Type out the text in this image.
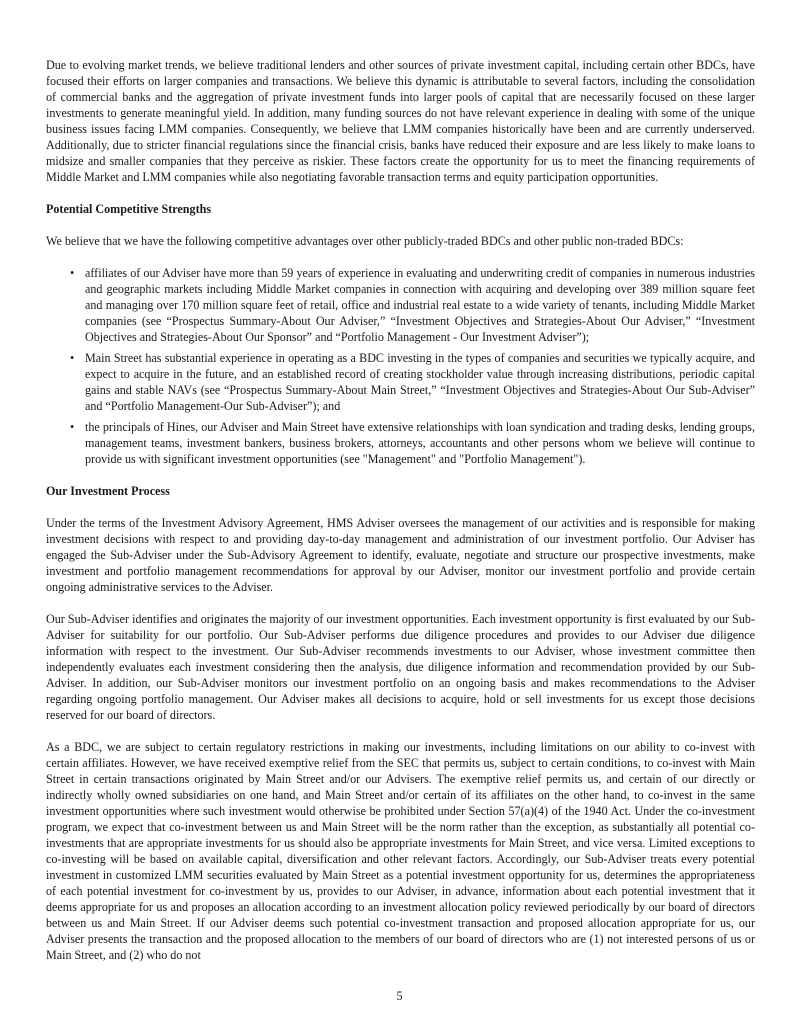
Due to evolving market trends, we believe traditional lenders and other sources of private investment capital, including certain other BDCs, have focused their efforts on larger companies and transactions. We believe this dynamic is attributable to several factors, including the consolidation of commercial banks and the aggregation of private investment funds into larger pools of capital that are necessarily focused on these larger investments to generate meaningful yield. In addition, many funding sources do not have relevant experience in dealing with some of the unique business issues facing LMM companies. Consequently, we believe that LMM companies historically have been and are currently underserved. Additionally, due to stricter financial regulations since the financial crisis, banks have reduced their exposure and are less likely to make loans to midsize and smaller companies that they perceive as riskier. These factors create the opportunity for us to meet the financing requirements of Middle Market and LMM companies while also negotiating favorable transaction terms and equity participation opportunities.

Potential Competitive Strengths

We believe that we have the following competitive advantages over other publicly-traded BDCs and other public non-traded BDCs:

• affiliates of our Adviser have more than 59 years of experience in evaluating and underwriting credit of companies in numerous industries and geographic markets including Middle Market companies in connection with acquiring and developing over 389 million square feet and managing over 170 million square feet of retail, office and industrial real estate to a wide variety of tenants, including Middle Market companies (see “Prospectus Summary-About Our Adviser,” “Investment Objectives and Strategies-About Our Adviser,” “Investment Objectives and Strategies-About Our Sponsor” and “Portfolio Management - Our Investment Adviser”);
• Main Street has substantial experience in operating as a BDC investing in the types of companies and securities we typically acquire, and expect to acquire in the future, and an established record of creating stockholder value through increasing distributions, periodic capital gains and stable NAVs (see “Prospectus Summary-About Main Street,” “Investment Objectives and Strategies-About Our Sub-Adviser” and “Portfolio Management-Our Sub-Adviser”); and
• the principals of Hines, our Adviser and Main Street have extensive relationships with loan syndication and trading desks, lending groups, management teams, investment bankers, business brokers, attorneys, accountants and other persons whom we believe will continue to provide us with significant investment opportunities (see "Management" and "Portfolio Management").
Our Investment Process

Under the terms of the Investment Advisory Agreement, HMS Adviser oversees the management of our activities and is responsible for making investment decisions with respect to and providing day-to-day management and administration of our investment portfolio. Our Adviser has engaged the Sub-Adviser under the Sub-Advisory Agreement to identify, evaluate, negotiate and structure our prospective investments, make investment and portfolio management recommendations for approval by our Adviser, monitor our investment portfolio and provide certain ongoing administrative services to the Adviser.

Our Sub-Adviser identifies and originates the majority of our investment opportunities. Each investment opportunity is first evaluated by our Sub-Adviser for suitability for our portfolio. Our Sub-Adviser performs due diligence procedures and provides to our Adviser due diligence information with respect to the investment. Our Sub-Adviser recommends investments to our Adviser, whose investment committee then independently evaluates each investment considering then the analysis, due diligence information and recommendation provided by our Sub-Adviser. In addition, our Sub-Adviser monitors our investment portfolio on an ongoing basis and makes recommendations to the Adviser regarding ongoing portfolio management. Our Adviser makes all decisions to acquire, hold or sell investments for us except those decisions reserved for our board of directors.

As a BDC, we are subject to certain regulatory restrictions in making our investments, including limitations on our ability to co-invest with certain affiliates. However, we have received exemptive relief from the SEC that permits us, subject to certain conditions, to co-invest with Main Street in certain transactions originated by Main Street and/or our Advisers. The exemptive relief permits us, and certain of our directly or indirectly wholly owned subsidiaries on one hand, and Main Street and/or certain of its affiliates on the other hand, to co-invest in the same investment opportunities where such investment would otherwise be prohibited under Section 57(a)(4) of the 1940 Act. Under the co-investment program, we expect that co-investment between us and Main Street will be the norm rather than the exception, as substantially all potential co-investments that are appropriate investments for us should also be appropriate investments for Main Street, and vice versa. Limited exceptions to co-investing will be based on available capital, diversification and other relevant factors. Accordingly, our Sub-Adviser treats every potential investment in customized LMM securities evaluated by Main Street as a potential investment opportunity for us, determines the appropriateness of each potential investment for co-investment by us, provides to our Adviser, in advance, information about each potential investment that it deems appropriate for us and proposes an allocation according to an investment allocation policy reviewed periodically by our board of directors between us and Main Street. If our Adviser deems such potential co-investment transaction and proposed allocation appropriate for us, our Adviser presents the transaction and the proposed allocation to the members of our board of directors who are (1) not interested persons of us or Main Street, and (2) who do not

5
